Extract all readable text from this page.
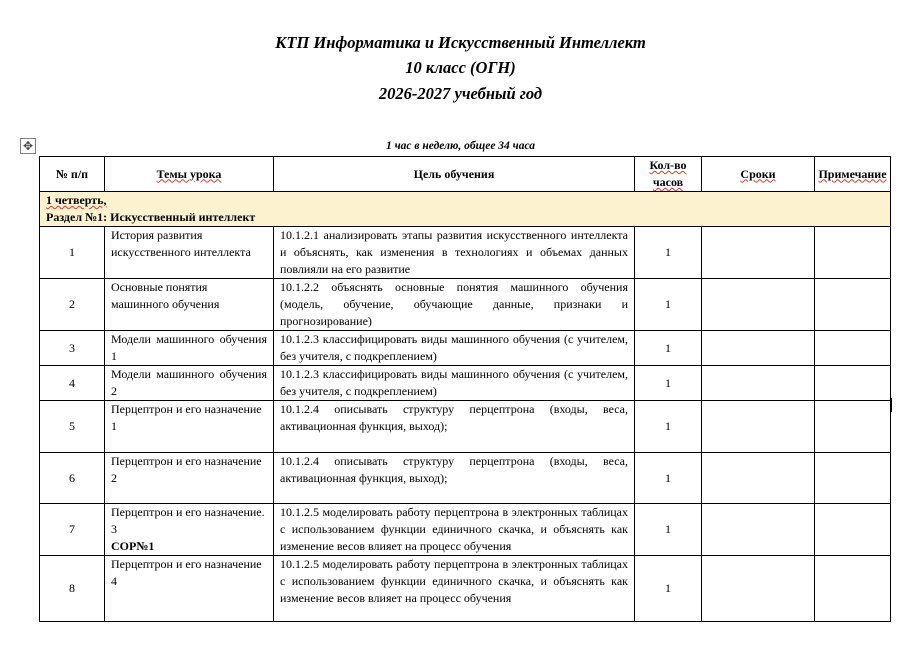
КТП Информатика и Искусственный Интеллект
10 класс (ОГН)
2026-2027 учебный год
✥	1 час в неделю, общее 34 часа
№ п/п	Темы урока	Цель обучения	Кол-во часов	Сроки	Примечание
1 четверть,
Раздел №1: Искусственный интеллект					
1	История развития искусственного интеллекта	10.1.2.1 анализировать этапы развития искусственного интеллекта и объяснять, как изменения в технологиях и объемах данных повлияли на его развитие	1		
2	Основные понятия машинного обучения	10.1.2.2 объяснять основные понятия машинного обучения (модель, обучение, обучающие данные, признаки и прогнозирование)	1		
3	Модели машинного обучения 1	10.1.2.3 классифицировать виды машинного обучения (с учителем, без учителя, с подкреплением)	1		
4	Модели машинного обучения 2	10.1.2.3 классифицировать виды машинного обучения (с учителем, без учителя, с подкреплением)	1		
5	Перцептрон и его назначение 1	10.1.2.4 описывать структуру перцептрона (входы, веса, активационная функция, выход);	1		
6	Перцептрон и его назначение 2	10.1.2.4 описывать структуру перцептрона (входы, веса, активационная функция, выход);	1		
7	Перцептрон и его назначение. 3
СОР№1	10.1.2.5 моделировать работу перцептрона в электронных таблицах с использованием функции единичного скачка, и объяснять как изменение весов влияет на процесс обучения	1		
8	Перцептрон и его назначение 4	10.1.2.5 моделировать работу перцептрона в электронных таблицах с использованием функции единичного скачка, и объяснять как изменение весов влияет на процесс обучения	1		
